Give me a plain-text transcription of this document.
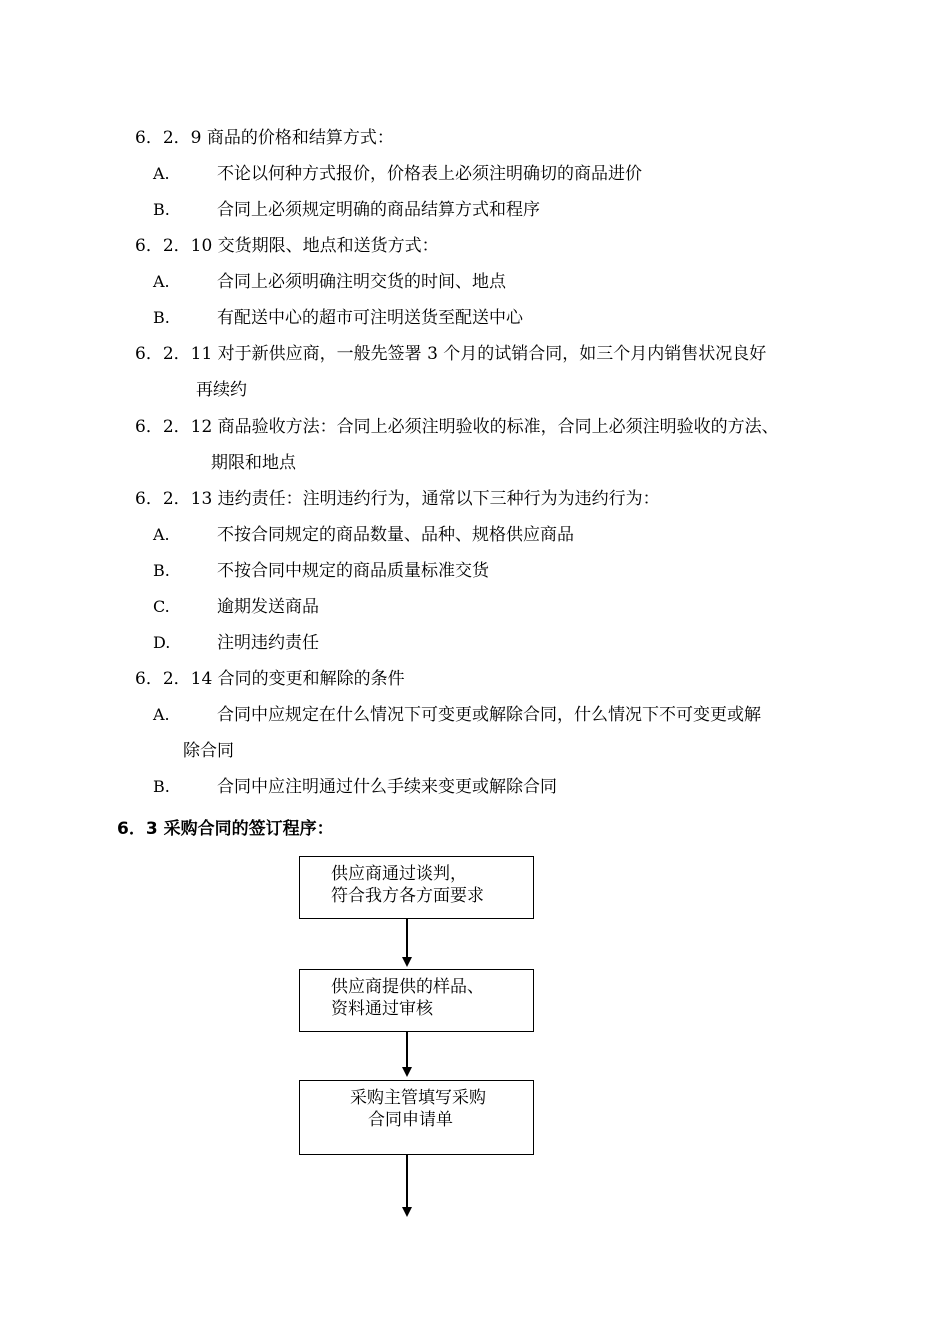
6．2．9 商品的价格和结算方式：
A.	不论以何种方式报价，价格表上必须注明确切的商品进价
B.	合同上必须规定明确的商品结算方式和程序
6．2．10 交货期限、地点和送货方式：
A.	合同上必须明确注明交货的时间、地点
B.	有配送中心的超市可注明送货至配送中心
6．2．11 对于新供应商，一般先签署 3 个月的试销合同，如三个月内销售状况良好
再续约
6．2．12 商品验收方法：合同上必须注明验收的标准，合同上必须注明验收的方法、
期限和地点
6．2．13 违约责任：注明违约行为，通常以下三种行为为违约行为：
A.	不按合同规定的商品数量、品种、规格供应商品
B.	不按合同中规定的商品质量标准交货
C.	逾期发送商品
D.	注明违约责任
6．2．14 合同的变更和解除的条件
A.	合同中应规定在什么情况下可变更或解除合同，什么情况下不可变更或解
除合同
B.	合同中应注明通过什么手续来变更或解除合同
6．3 采购合同的签订程序：
供应商通过谈判，
符合我方各方面要求
供应商提供的样品、
资料通过审核
采购主管填写采购
合同申请单
